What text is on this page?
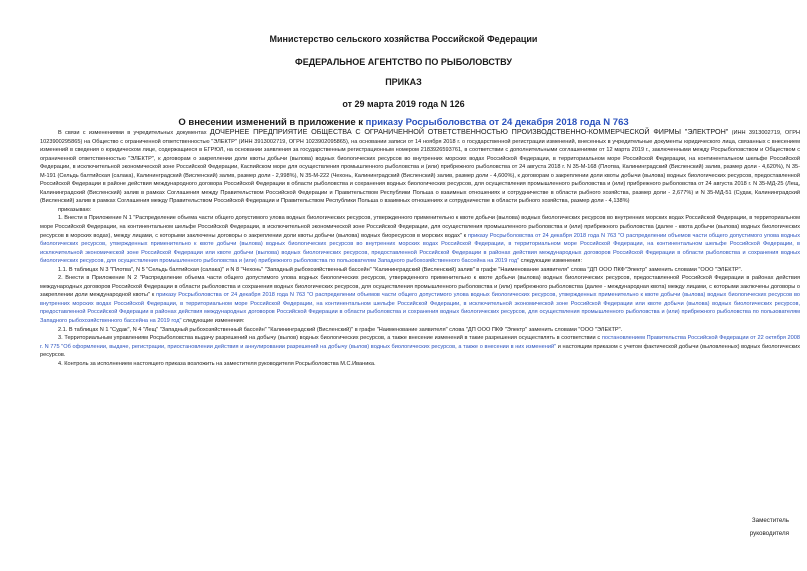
Министерство сельского хозяйства Российской Федерации
ФЕДЕРАЛЬНОЕ АГЕНТСТВО ПО РЫБОЛОВСТВУ
ПРИКАЗ
от 29 марта 2019 года N 126
О внесении изменений в приложение к приказу Росрыболовства от 24 декабря 2018 года N 763

В связи с изменениями в учредительных документах ДОЧЕРНЕЕ ПРЕДПРИЯТИЕ ОБЩЕСТВА С ОГРАНИЧЕННОЙ ОТВЕТСТВЕННОСТЬЮ ПРОИЗВОДСТВЕННО-КОММЕРЧЕСКОЙ ФИРМЫ "ЭЛЕКТРОН" (ИНН 3913002719, ОГРН 1023900295865) на Общество с ограниченной ответственностью "ЭЛЕКТР" (ИНН 3913002719, ОГРН 1023902095865), на основании записи от 14 ноября 2018 г. о государственной регистрации изменений, внесенных в учредительные документы юридического лица, связанных с внесением изменений в сведения о юридическом лице, содержащиеся в ЕГРЮЛ, на основании заявления за государственным регистрационным номером 2183926593761, в соответствии с дополнительными соглашениями от 12 марта 2019 г., заключенными между Росрыболовством и Обществом с ограниченной ответственностью "ЭЛЕКТР", к договорам о закреплении доли квоты добычи (вылова) водных биологических ресурсов во внутренних морских водах Российской Федерации, в территориальном море Российской Федерации, на континентальном шельфе Российской Федерации, в исключительной экономической зоне Российской Федерации, Каспийском море для осуществления промышленного рыболовства и (или) прибрежного рыболовства от 24 августа 2018 г. N 35-М-168 (Плотва, Калининградский (Висленский) залив, размер доли - 4,620%), N 35-М-191 (Сельдь балтийская (салака), Калининградский (Висленский) залив, размер доли - 2,998%), N 35-М-222 (Чехонь, Калининградский (Висленский) залив, размер доли - 4,600%), к договорам о закреплении доли квоты добычи (вылова) водных биологических ресурсов, предоставленной Российской Федерации в районе действия международного договора Российской Федерации в области рыболовства и сохранения водных биологических ресурсов, для осуществления промышленного рыболовства и (или) прибрежного рыболовства от 24 августа 2018 г. N 35-МД-25 (Лещ, Калининградский (Висленский) залив в рамках Соглашения между Правительством Российской Федерации и Правительством Республики Польша о взаимных отношениях и сотрудничестве в области рыбного хозяйства, размер доли - 2,677%) и N 35-МД-51 (Судак, Калининградский (Висленский) залив в рамках Соглашения между Правительством Российской Федерации и Правительством Республики Польша о взаимных отношениях и сотрудничестве в области рыбного хозяйства, размер доли - 4,138%)

приказываю:

1. Внести в Приложение N 1 "Распределение объема части общего допустимого улова водных биологических ресурсов, утвержденного применительно к квоте добычи (вылова) водных биологических ресурсов во внутренних морских водах Российской Федерации, в территориальном море Российской Федерации, на континентальном шельфе Российской Федерации, в исключительной экономической зоне Российской Федерации, для осуществления промышленного рыболовства и (или) прибрежного рыболовства (далее - квота добычи (вылова) водных биологических ресурсов в морских водах), между лицами, с которыми заключены договоры о закреплении доли квоты добычи (вылова) водных биоресурсов в морских водах" к приказу Росрыболовства от 24 декабря 2018 года N 763 "О распределении объемов части общего допустимого улова водных биологических ресурсов, утвержденных применительно к квоте добычи (вылова) водных биологических ресурсов во внутренних морских водах Российской Федерации, в территориальном море Российской Федерации, на континентальном шельфе Российской Федерации, в исключительной экономической зоне Российской Федерации или квоте добычи (вылова) водных биологических ресурсов, предоставленной Российской Федерации в районах действия международных договоров Российской Федерации в области рыболовства и сохранения водных биологических ресурсов, для осуществления промышленного рыболовства и (или) прибрежного рыболовства по пользователям Западного рыбохозяйственного бассейна на 2019 год" следующие изменения:

1.1. В таблицах N 3 "Плотва", N 5 "Сельдь балтийская (салака)" и N 8 "Чехонь" "Западный рыбохозяйственный бассейн" "Калининградский (Висленский) залив" в графе "Наименование заявителя" слова "ДП ООО ПКФ"Электр" заменить словами "ООО "ЭЛЕКТР".

2. Внести в Приложение N 2 "Распределение объема части общего допустимого улова водных биологических ресурсов, утвержденного применительно к квоте добычи (вылова) водных биологических ресурсов, предоставленной Российской Федерации в районах действия международных договоров Российской Федерации в области рыболовства и сохранения водных биологических ресурсов, для осуществления промышленного рыболовства и (или) прибрежного рыболовства (далее - международная квота) между лицами, с которыми заключены договоры о закреплении доли международной квоты" к приказу Росрыболовства от 24 декабря 2018 года N 763 "О распределении объемов части общего допустимого улова водных биологических ресурсов, утвержденных применительно к квоте добычи (вылова) водных биологических ресурсов во внутренних морских водах Российской Федерации, в территориальном море Российской Федерации, на континентальном шельфе Российской Федерации, в исключительной экономической зоне Российской Федерации или квоте добычи (вылова) водных биологических ресурсов, предоставленной Российской Федерации в районах действия международных договоров Российской Федерации в области рыболовства и сохранения водных биологических ресурсов, для осуществления промышленного рыболовства и (или) прибрежного рыболовства по пользователям Западного рыбохозяйственного бассейна на 2019 год" следующие изменения:

2.1. В таблицах N 1 "Судак", N 4 "Лещ" "Западный рыбохозяйственный бассейн" "Калининградский (Висленский)" в графе "Наименование заявителя" слова "ДП ООО ПКФ "Электр" заменить словами "ООО "ЭЛЕКТР".

3. Территориальным управлениям Росрыболовства выдачу разрешений на добычу (вылов) водных биологических ресурсов, а также внесение изменений в такие разрешения осуществлять в соответствии с постановлением Правительства Российской Федерации от 22 октября 2008 г. N 775 "Об оформлении, выдаче, регистрации, приостановлении действия и аннулировании разрешений на добычу (вылов) водных биологических ресурсов, а также о внесении в них изменений" и настоящим приказом с учетом фактической добычи (выловленных) водных биологических ресурсов.

4. Контроль за исполнением настоящего приказа возложить на заместителя руководителя Росрыболовства М.С.Иваника.

Заместитель
руководителя
